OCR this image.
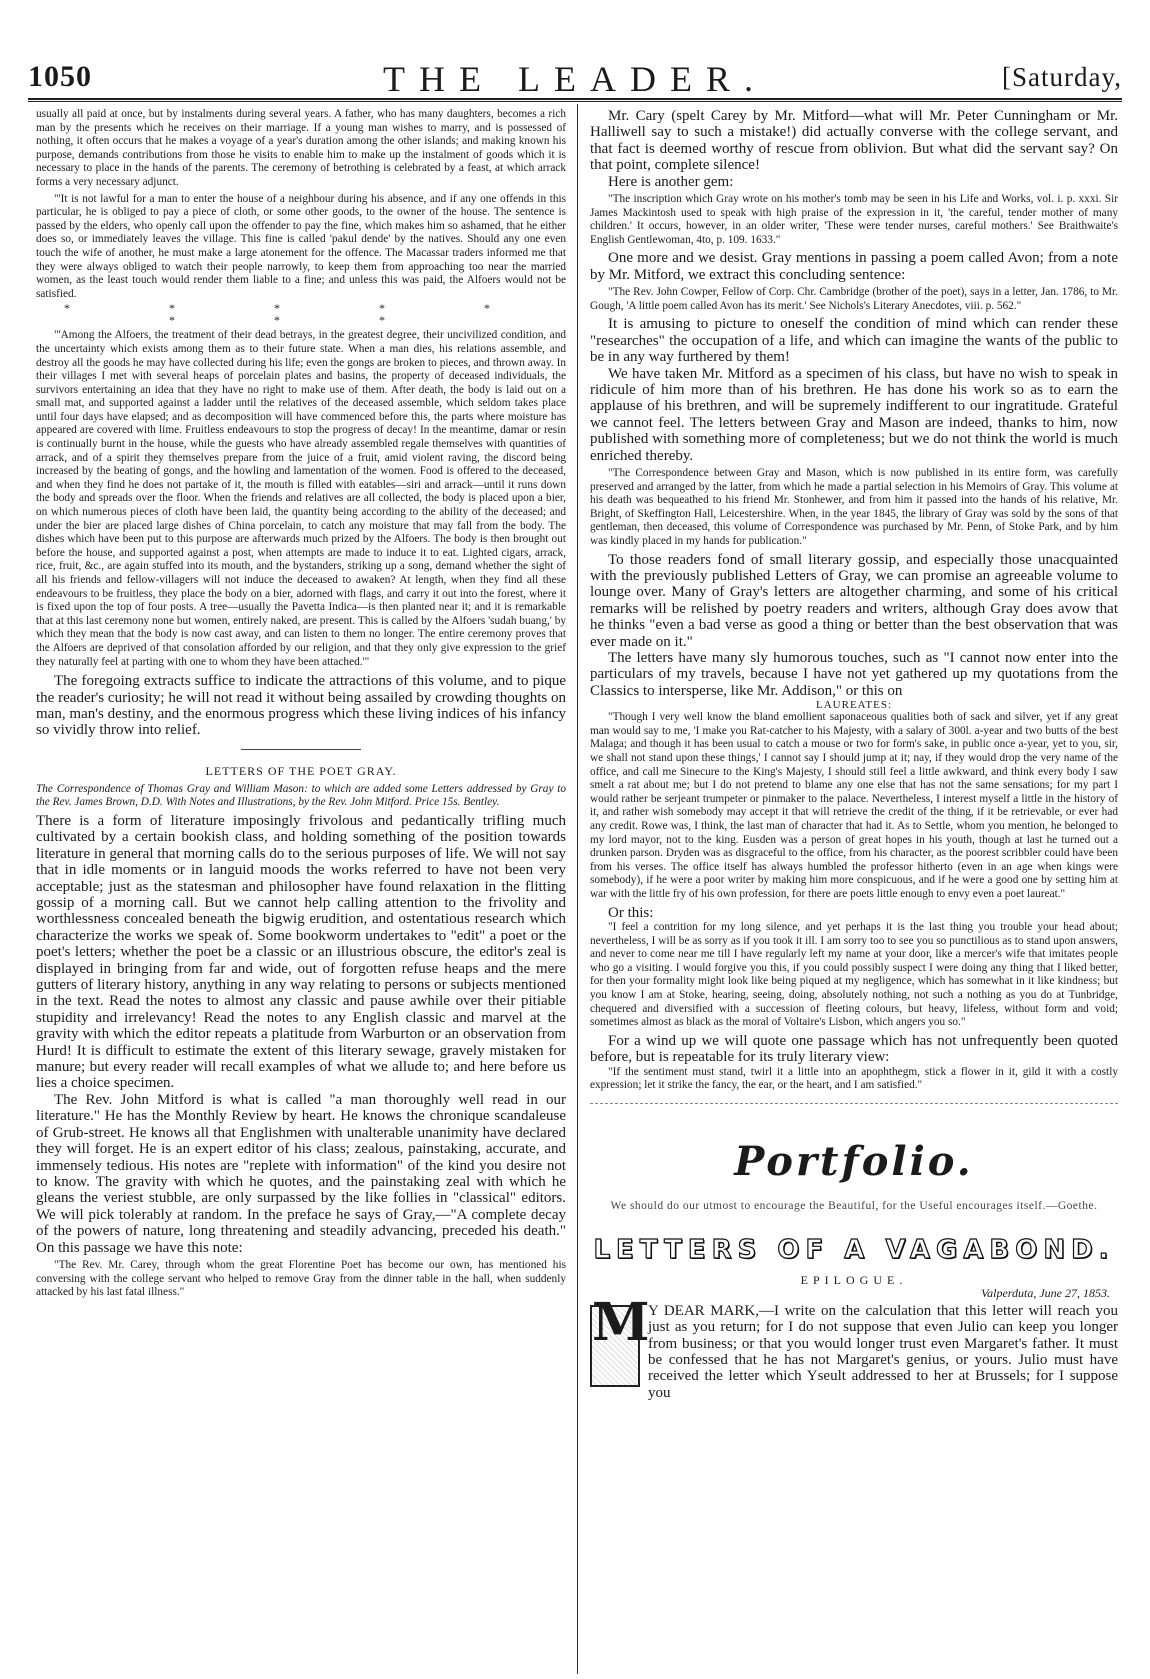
1050	THE LEADER.	[Saturday,

usually all paid at once, but by instalments during several years. A father, who has many daughters, becomes a rich man by the presents which he receives on their marriage. If a young man wishes to marry, and is possessed of nothing, it often occurs that he makes a voyage of a year's duration among the other islands; and making known his purpose, demands contributions from those he visits to enable him to make up the instalment of goods which it is necessary to place in the hands of the parents. The ceremony of betrothing is celebrated by a feast, at which arrack forms a very necessary adjunct.

"'It is not lawful for a man to enter the house of a neighbour during his absence, and if any one offends in this particular, he is obliged to pay a piece of cloth, or some other goods, to the owner of the house. The sentence is passed by the elders, who openly call upon the offender to pay the fine, which makes him so ashamed, that he either does so, or immediately leaves the village. This fine is called 'pakul dende' by the natives. Should any one even touch the wife of another, he must make a large atonement for the offence. The Macassar traders informed me that they were always obliged to watch their people narrowly, to keep them from approaching too near the married women, as the least touch would render them liable to a fine; and unless this was paid, the Alfoers would not be satisfied.

* * * * * * * *

"'Among the Alfoers, the treatment of their dead betrays, in the greatest degree, their uncivilized condition, and the uncertainty which exists among them as to their future state. When a man dies, his relations assemble, and destroy all the goods he may have collected during his life; even the gongs are broken to pieces, and thrown away. In their villages I met with several heaps of porcelain plates and basins, the property of deceased individuals, the survivors entertaining an idea that they have no right to make use of them. After death, the body is laid out on a small mat, and supported against a ladder until the relatives of the deceased assemble, which seldom takes place until four days have elapsed; and as decomposition will have commenced before this, the parts where moisture has appeared are covered with lime. Fruitless endeavours to stop the progress of decay! In the meantime, damar or resin is continually burnt in the house, while the guests who have already assembled regale themselves with quantities of arrack, and of a spirit they themselves prepare from the juice of a fruit, amid violent raving, the discord being increased by the beating of gongs, and the howling and lamentation of the women. Food is offered to the deceased, and when they find he does not partake of it, the mouth is filled with eatables—siri and arrack—until it runs down the body and spreads over the floor. When the friends and relatives are all collected, the body is placed upon a bier, on which numerous pieces of cloth have been laid, the quantity being according to the ability of the deceased; and under the bier are placed large dishes of China porcelain, to catch any moisture that may fall from the body. The dishes which have been put to this purpose are afterwards much prized by the Alfoers. The body is then brought out before the house, and supported against a post, when attempts are made to induce it to eat. Lighted cigars, arrack, rice, fruit, &c., are again stuffed into its mouth, and the bystanders, striking up a song, demand whether the sight of all his friends and fellow-villagers will not induce the deceased to awaken? At length, when they find all these endeavours to be fruitless, they place the body on a bier, adorned with flags, and carry it out into the forest, where it is fixed upon the top of four posts. A tree—usually the Pavetta Indica—is then planted near it; and it is remarkable that at this last ceremony none but women, entirely naked, are present. This is called by the Alfoers 'sudah buang,' by which they mean that the body is now cast away, and can listen to them no longer. The entire ceremony proves that the Alfoers are deprived of that consolation afforded by our religion, and that they only give expression to the grief they naturally feel at parting with one to whom they have been attached.'"

The foregoing extracts suffice to indicate the attractions of this volume, and to pique the reader's curiosity; he will not read it without being assailed by crowding thoughts on man, man's destiny, and the enormous progress which these living indices of his infancy so vividly throw into relief.

LETTERS OF THE POET GRAY.

The Correspondence of Thomas Gray and William Mason: to which are added some Letters addressed by Gray to the Rev. James Brown, D.D. With Notes and Illustrations, by the Rev. John Mitford. Price 15s. Bentley.

There is a form of literature imposingly frivolous and pedantically trifling much cultivated by a certain bookish class, and holding something of the position towards literature in general that morning calls do to the serious purposes of life. We will not say that in idle moments or in languid moods the works referred to have not been very acceptable; just as the statesman and philosopher have found relaxation in the flitting gossip of a morning call. But we cannot help calling attention to the frivolity and worthlessness concealed beneath the bigwig erudition, and ostentatious research which characterize the works we speak of. Some bookworm undertakes to "edit" a poet or the poet's letters; whether the poet be a classic or an illustrious obscure, the editor's zeal is displayed in bringing from far and wide, out of forgotten refuse heaps and the mere gutters of literary history, anything in any way relating to persons or subjects mentioned in the text. Read the notes to almost any classic and pause awhile over their pitiable stupidity and irrelevancy! Read the notes to any English classic and marvel at the gravity with which the editor repeats a platitude from Warburton or an observation from Hurd! It is difficult to estimate the extent of this literary sewage, gravely mistaken for manure; but every reader will recall examples of what we allude to; and here before us lies a choice specimen.

The Rev. John Mitford is what is called "a man thoroughly well read in our literature." He has the Monthly Review by heart. He knows the chronique scandaleuse of Grub-street. He knows all that Englishmen with unalterable unanimity have declared they will forget. He is an expert editor of his class; zealous, painstaking, accurate, and immensely tedious. His notes are "replete with information" of the kind you desire not to know. The gravity with which he quotes, and the painstaking zeal with which he gleans the veriest stubble, are only surpassed by the like follies in "classical" editors. We will pick tolerably at random. In the preface he says of Gray,—"A complete decay of the powers of nature, long threatening and steadily advancing, preceded his death." On this passage we have this note:

"The Rev. Mr. Carey, through whom the great Florentine Poet has become our own, has mentioned his conversing with the college servant who helped to remove Gray from the dinner table in the hall, when suddenly attacked by his last fatal illness."

Mr. Cary (spelt Carey by Mr. Mitford—what will Mr. Peter Cunningham or Mr. Halliwell say to such a mistake!) did actually converse with the college servant, and that fact is deemed worthy of rescue from oblivion. But what did the servant say? On that point, complete silence!

Here is another gem:

"The inscription which Gray wrote on his mother's tomb may be seen in his Life and Works, vol. i. p. xxxi. Sir James Mackintosh used to speak with high praise of the expression in it, 'the careful, tender mother of many children.' It occurs, however, in an older writer, 'These were tender nurses, careful mothers.' See Braithwaite's English Gentlewoman, 4to, p. 109. 1633."

One more and we desist. Gray mentions in passing a poem called Avon; from a note by Mr. Mitford, we extract this concluding sentence:

"The Rev. John Cowper, Fellow of Corp. Chr. Cambridge (brother of the poet), says in a letter, Jan. 1786, to Mr. Gough, 'A little poem called Avon has its merit.' See Nichols's Literary Anecdotes, viii. p. 562."

It is amusing to picture to oneself the condition of mind which can render these "researches" the occupation of a life, and which can imagine the wants of the public to be in any way furthered by them!

We have taken Mr. Mitford as a specimen of his class, but have no wish to speak in ridicule of him more than of his brethren. He has done his work so as to earn the applause of his brethren, and will be supremely indifferent to our ingratitude. Grateful we cannot feel. The letters between Gray and Mason are indeed, thanks to him, now published with something more of completeness; but we do not think the world is much enriched thereby.

"The Correspondence between Gray and Mason, which is now published in its entire form, was carefully preserved and arranged by the latter, from which he made a partial selection in his Memoirs of Gray. This volume at his death was bequeathed to his friend Mr. Stonhewer, and from him it passed into the hands of his relative, Mr. Bright, of Skeffington Hall, Leicestershire. When, in the year 1845, the library of Gray was sold by the sons of that gentleman, then deceased, this volume of Correspondence was purchased by Mr. Penn, of Stoke Park, and by him was kindly placed in my hands for publication."

To those readers fond of small literary gossip, and especially those unacquainted with the previously published Letters of Gray, we can promise an agreeable volume to lounge over. Many of Gray's letters are altogether charming, and some of his critical remarks will be relished by poetry readers and writers, although Gray does avow that he thinks "even a bad verse as good a thing or better than the best observation that was ever made on it."

The letters have many sly humorous touches, such as "I cannot now enter into the particulars of my travels, because I have not yet gathered up my quotations from the Classics to intersperse, like Mr. Addison," or this on

LAUREATES:

"Though I very well know the bland emollient saponaceous qualities both of sack and silver, yet if any great man would say to me, 'I make you Rat-catcher to his Majesty, with a salary of 300l. a-year and two butts of the best Malaga; and though it has been usual to catch a mouse or two for form's sake, in public once a-year, yet to you, sir, we shall not stand upon these things,' I cannot say I should jump at it; nay, if they would drop the very name of the office, and call me Sinecure to the King's Majesty, I should still feel a little awkward, and think every body I saw smelt a rat about me; but I do not pretend to blame any one else that has not the same sensations; for my part I would rather be serjeant trumpeter or pinmaker to the palace. Nevertheless, I interest myself a little in the history of it, and rather wish somebody may accept it that will retrieve the credit of the thing, if it be retrievable, or ever had any credit. Rowe was, I think, the last man of character that had it. As to Settle, whom you mention, he belonged to my lord mayor, not to the king. Eusden was a person of great hopes in his youth, though at last he turned out a drunken parson. Dryden was as disgraceful to the office, from his character, as the poorest scribbler could have been from his verses. The office itself has always humbled the professor hitherto (even in an age when kings were somebody), if he were a poor writer by making him more conspicuous, and if he were a good one by setting him at war with the little fry of his own profession, for there are poets little enough to envy even a poet laureat."

Or this:

"I feel a contrition for my long silence, and yet perhaps it is the last thing you trouble your head about; nevertheless, I will be as sorry as if you took it ill. I am sorry too to see you so punctilious as to stand upon answers, and never to come near me till I have regularly left my name at your door, like a mercer's wife that imitates people who go a visiting. I would forgive you this, if you could possibly suspect I were doing any thing that I liked better, for then your formality might look like being piqued at my negligence, which has somewhat in it like kindness; but you know I am at Stoke, hearing, seeing, doing, absolutely nothing, not such a nothing as you do at Tunbridge, chequered and diversified with a succession of fleeting colours, but heavy, lifeless, without form and void; sometimes almost as black as the moral of Voltaire's Lisbon, which angers you so."

For a wind up we will quote one passage which has not unfrequently been quoted before, but is repeatable for its truly literary view:

"If the sentiment must stand, twirl it a little into an apophthegm, stick a flower in it, gild it with a costly expression; let it strike the fancy, the ear, or the heart, and I am satisfied."

Portfolio.
We should do our utmost to encourage the Beautiful, for the Useful encourages itself.—Goethe.
LETTERS OF A VAGABOND.
EPILOGUE.
Valperduta, June 27, 1853.
M
Y DEAR MARK,—I write on the calculation that this letter will reach you just as you return; for I do not suppose that even Julio can keep you longer from business; or that you would longer trust even Margaret's father. It must be confessed that he has not Margaret's genius, or yours. Julio must have received the letter which Yseult addressed to her at Brussels; for I suppose you
